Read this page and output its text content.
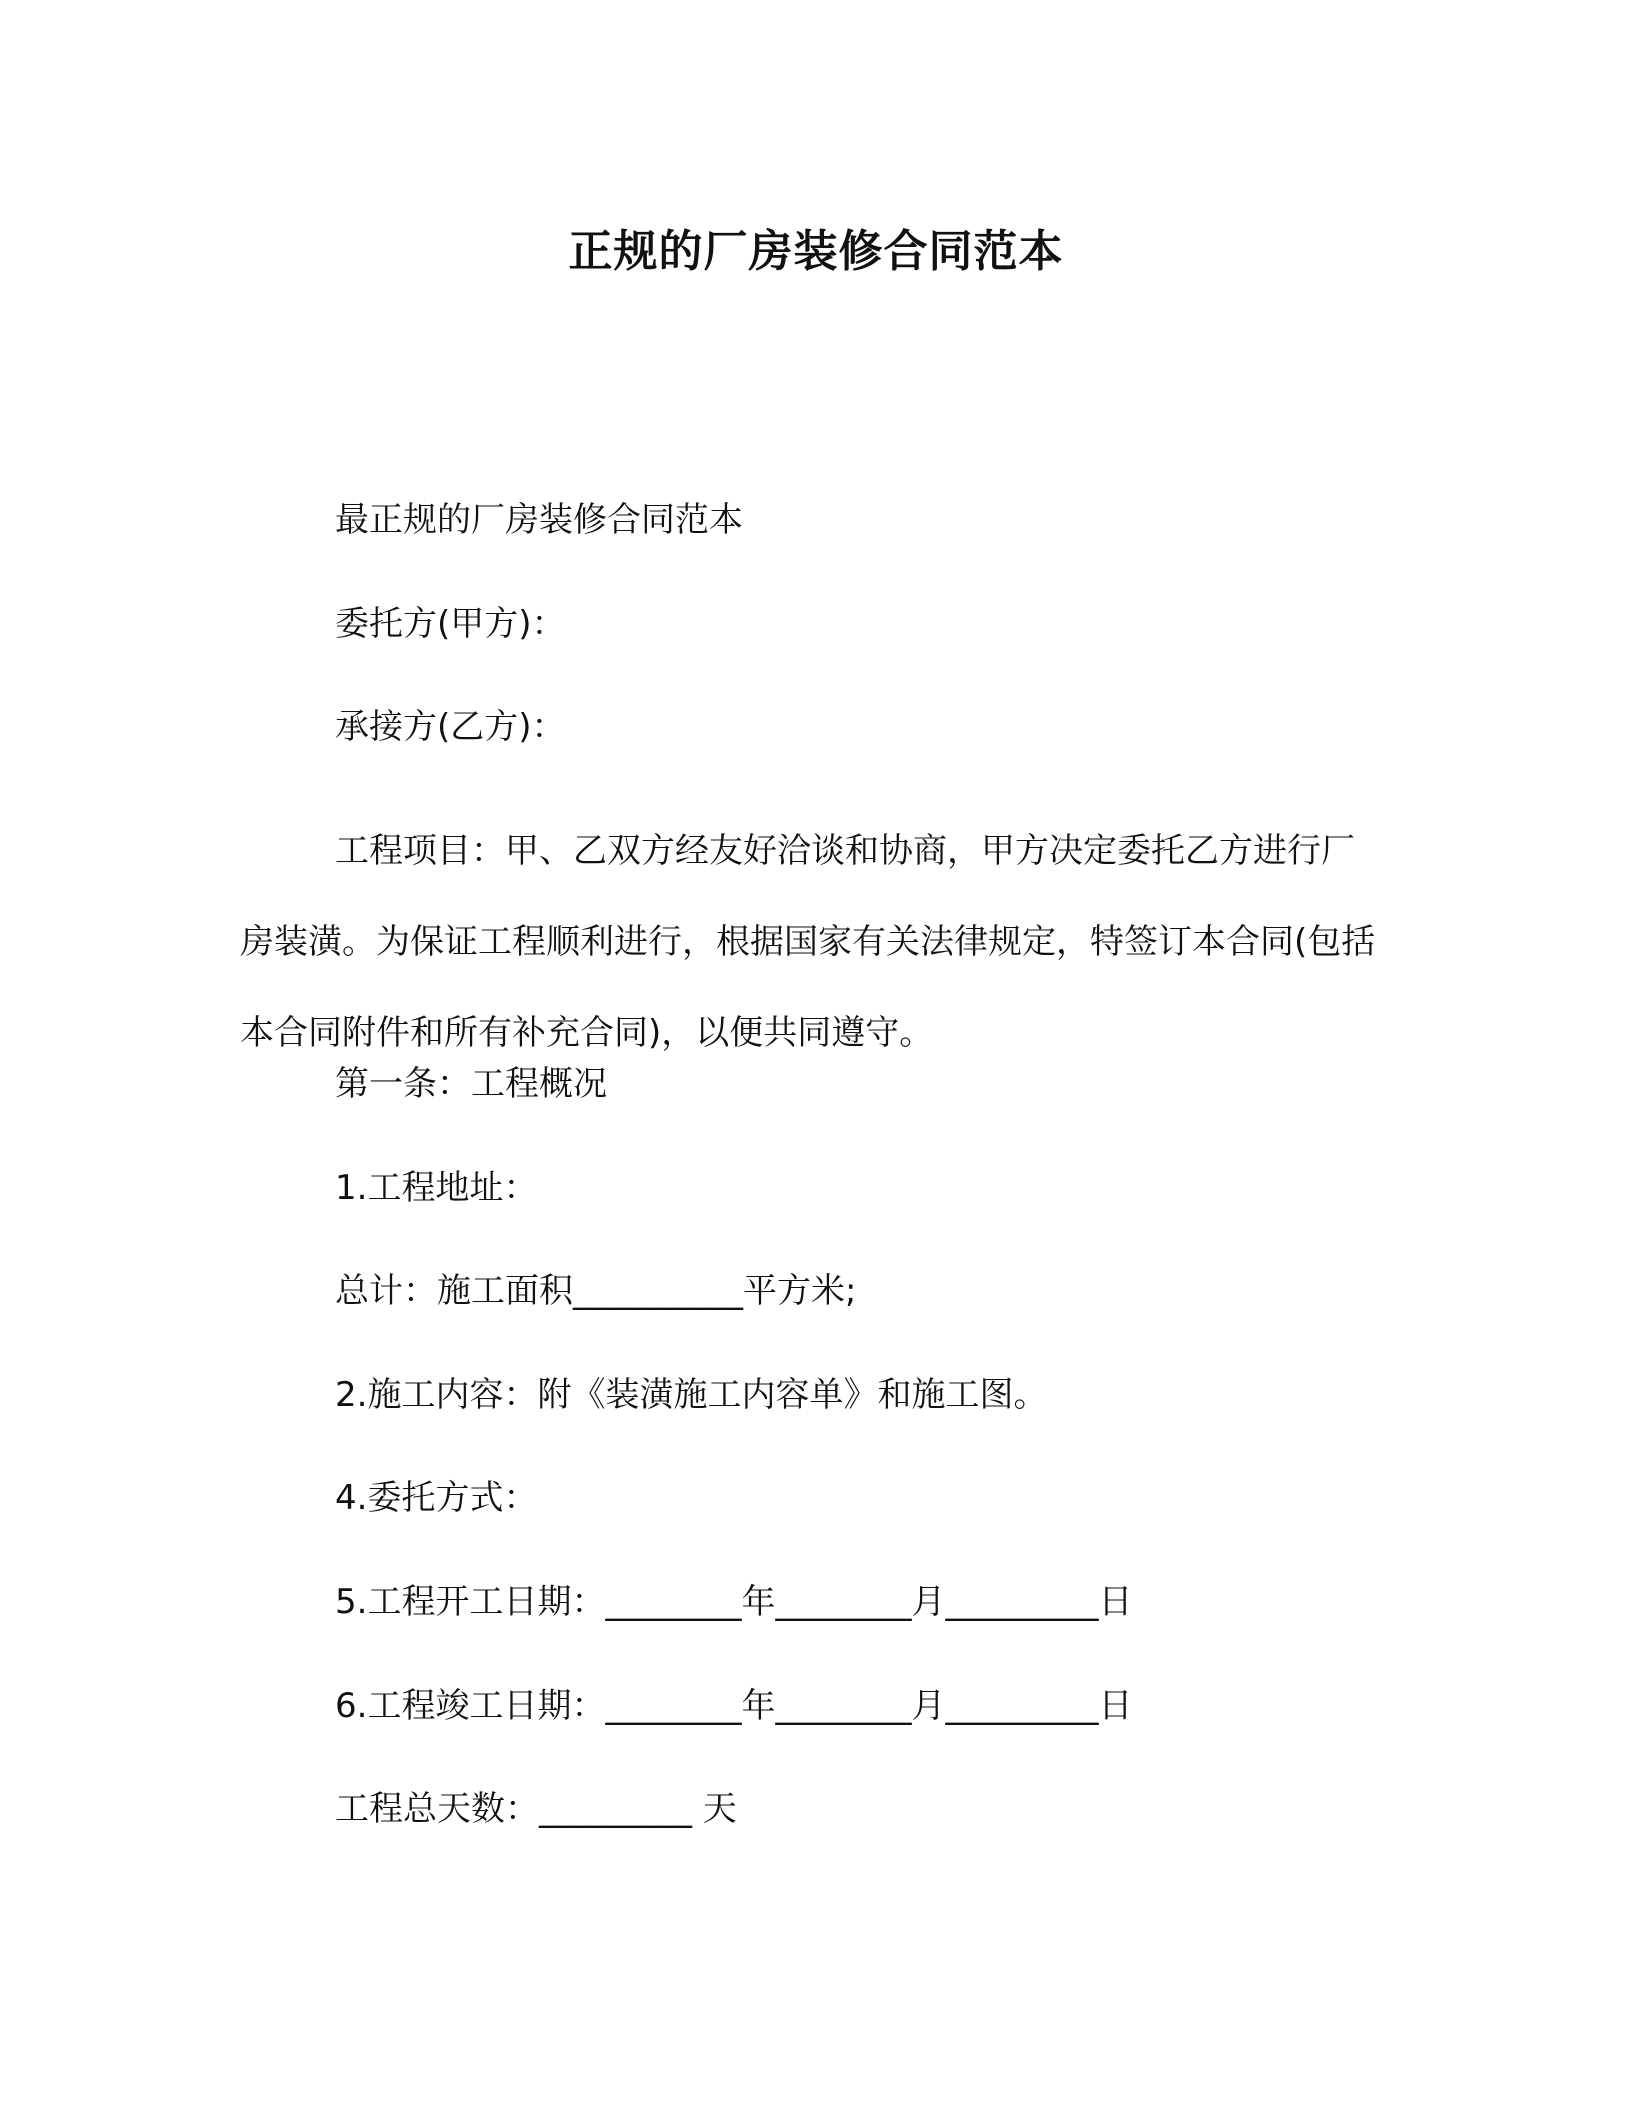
正规的厂房装修合同范本
最正规的厂房装修合同范本
委托方(甲方)：
承接方(乙方)：

工程项目：甲、乙双方经友好洽谈和协商，甲方决定委托乙方进行厂房装潢。为保证工程顺利进行，根据国家有关法律规定，特签订本合同(包括本合同附件和所有补充合同)，以便共同遵守。

第一条：工程概况
1.工程地址：
总计：施工面积__________平方米;
2.施工内容：附《装潢施工内容单》和施工图。
4.委托方式：
5.工程开工日期：________年________月_________日
6.工程竣工日期：________年________月_________日
工程总天数：_________ 天
